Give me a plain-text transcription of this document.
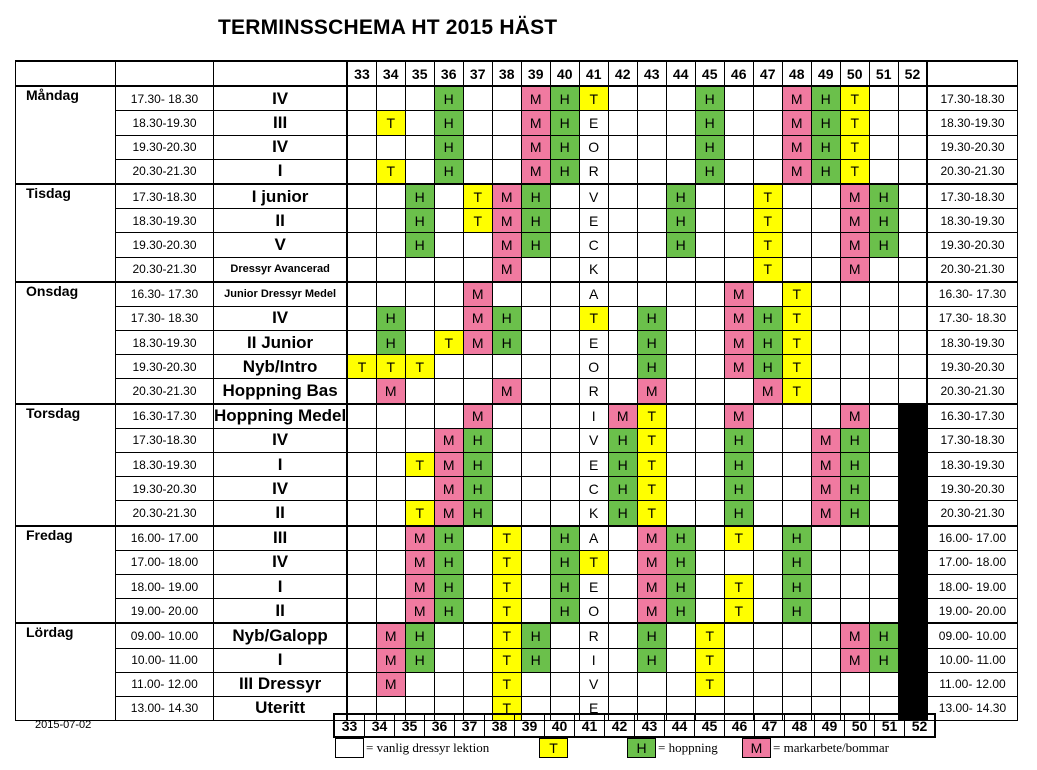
TERMINSSCHEMA HT 2015 HÄST
			33	34	35	36	37	38	39	40	41	42	43	44	45	46	47	48	49	50	51	52	
Måndag	17.30- 18.30	IV				H			M	H	T				H			M	H	T			17.30-18.30
	18.30-19.30	III		T		H			M	H	E				H			M	H	T			18.30-19.30
	19.30-20.30	IV				H			M	H	O				H			M	H	T			19.30-20.30
	20.30-21.30	I		T		H			M	H	R				H			M	H	T			20.30-21.30
Tisdag	17.30-18.30	I junior			H		T	M	H		V			H			T			M	H		17.30-18.30
	18.30-19.30	II			H		T	M	H		E			H			T			M	H		18.30-19.30
	19.30-20.30	V			H			M	H		C			H			T			M	H		19.30-20.30
	20.30-21.30	Dressyr Avancerad						M			K						T			M			20.30-21.30
Onsdag	16.30- 17.30	Junior Dressyr Medel					M				A					M		T					16.30- 17.30
	17.30- 18.30	IV		H			M	H			T		H			M	H	T					17.30- 18.30
	18.30-19.30	II Junior		H		T	M	H			E		H			M	H	T					18.30-19.30
	19.30-20.30	Nyb/Intro	T	T	T						O		H			M	H	T					19.30-20.30
	20.30-21.30	Hoppning Bas		M				M			R		M				M	T					20.30-21.30
Torsdag	16.30-17.30	Hoppning Medel					M				I	M	T			M				M			16.30-17.30
	17.30-18.30	IV				M	H				V	H	T			H			M	H			17.30-18.30
	18.30-19.30	I			T	M	H				E	H	T			H			M	H			18.30-19.30
	19.30-20.30	IV				M	H				C	H	T			H			M	H			19.30-20.30
	20.30-21.30	II			T	M	H				K	H	T			H			M	H			20.30-21.30
Fredag	16.00- 17.00	III			M	H		T		H	A		M	H		T		H					16.00- 17.00
	17.00- 18.00	IV			M	H		T		H	T		M	H				H					17.00- 18.00
	18.00- 19.00	I			M	H		T		H	E		M	H		T		H					18.00- 19.00
	19.00- 20.00	II			M	H		T		H	O		M	H		T		H					19.00- 20.00
Lördag	09.00- 10.00	Nyb/Galopp		M	H			T	H		R		H		T					M	H		09.00- 10.00
	10.00- 11.00	I		M	H			T	H		I		H		T					M	H		10.00- 11.00
	11.00- 12.00	III Dressyr		M				T			V				T								11.00- 12.00
	13.00- 14.30	Uteritt						T			E												13.00- 14.30
2015-07-02	33	34	35	36	37	38	39	40	41	42	43	44	45	46	47	48	49	50	51	52
= vanlig dressyr lektion	T	H = hoppning	M = markarbete/bommar
